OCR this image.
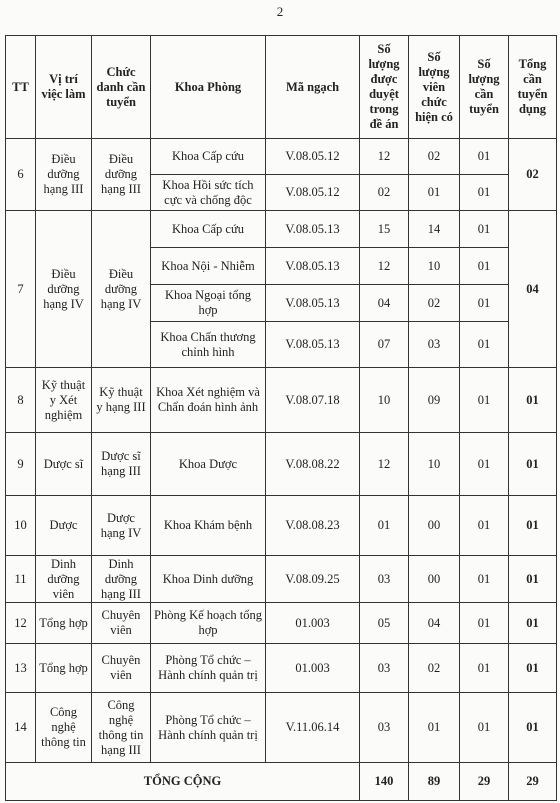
2
TT	Vị trí việc làm	Chức danh cần tuyển	Khoa Phòng	Mã ngạch	Số lượng được duyệt trong đề án	Số lượng viên chức hiện có	Số lượng cần tuyển	Tổng cần tuyển dụng
6	Điều dưỡng hạng III	Điều dưỡng hạng III	Khoa Cấp cứu	V.08.05.12	12	02	01	02
			Khoa Hồi sức tích cực và chống độc	V.08.05.12	02	01	01	
7	Điều dưỡng hạng IV	Điều dưỡng hạng IV	Khoa Cấp cứu	V.08.05.13	15	14	01	04
			Khoa Nội - Nhiễm	V.08.05.13	12	10	01	
			Khoa Ngoại tổng hợp	V.08.05.13	04	02	01	
			Khoa Chấn thương chỉnh hình	V.08.05.13	07	03	01	
8	Kỹ thuật y Xét nghiệm	Kỹ thuật y hạng III	Khoa Xét nghiệm và Chẩn đoán hình ảnh	V.08.07.18	10	09	01	01
9	Dược sĩ	Dược sĩ hạng III	Khoa Dược	V.08.08.22	12	10	01	01
10	Dược	Dược hạng IV	Khoa Khám bệnh	V.08.08.23	01	00	01	01
11	Dinh dưỡng viên	Dinh dưỡng hạng III	Khoa Dinh dưỡng	V.08.09.25	03	00	01	01
12	Tổng hợp	Chuyên viên	Phòng Kế hoạch tổng hợp	01.003	05	04	01	01
13	Tổng hợp	Chuyên viên	Phòng Tổ chức – Hành chính quản trị	01.003	03	02	01	01
14	Công nghệ thông tin	Công nghệ thông tin hạng III	Phòng Tổ chức – Hành chính quản trị	V.11.06.14	03	01	01	01
TỔNG CỘNG					140	89	29	29
